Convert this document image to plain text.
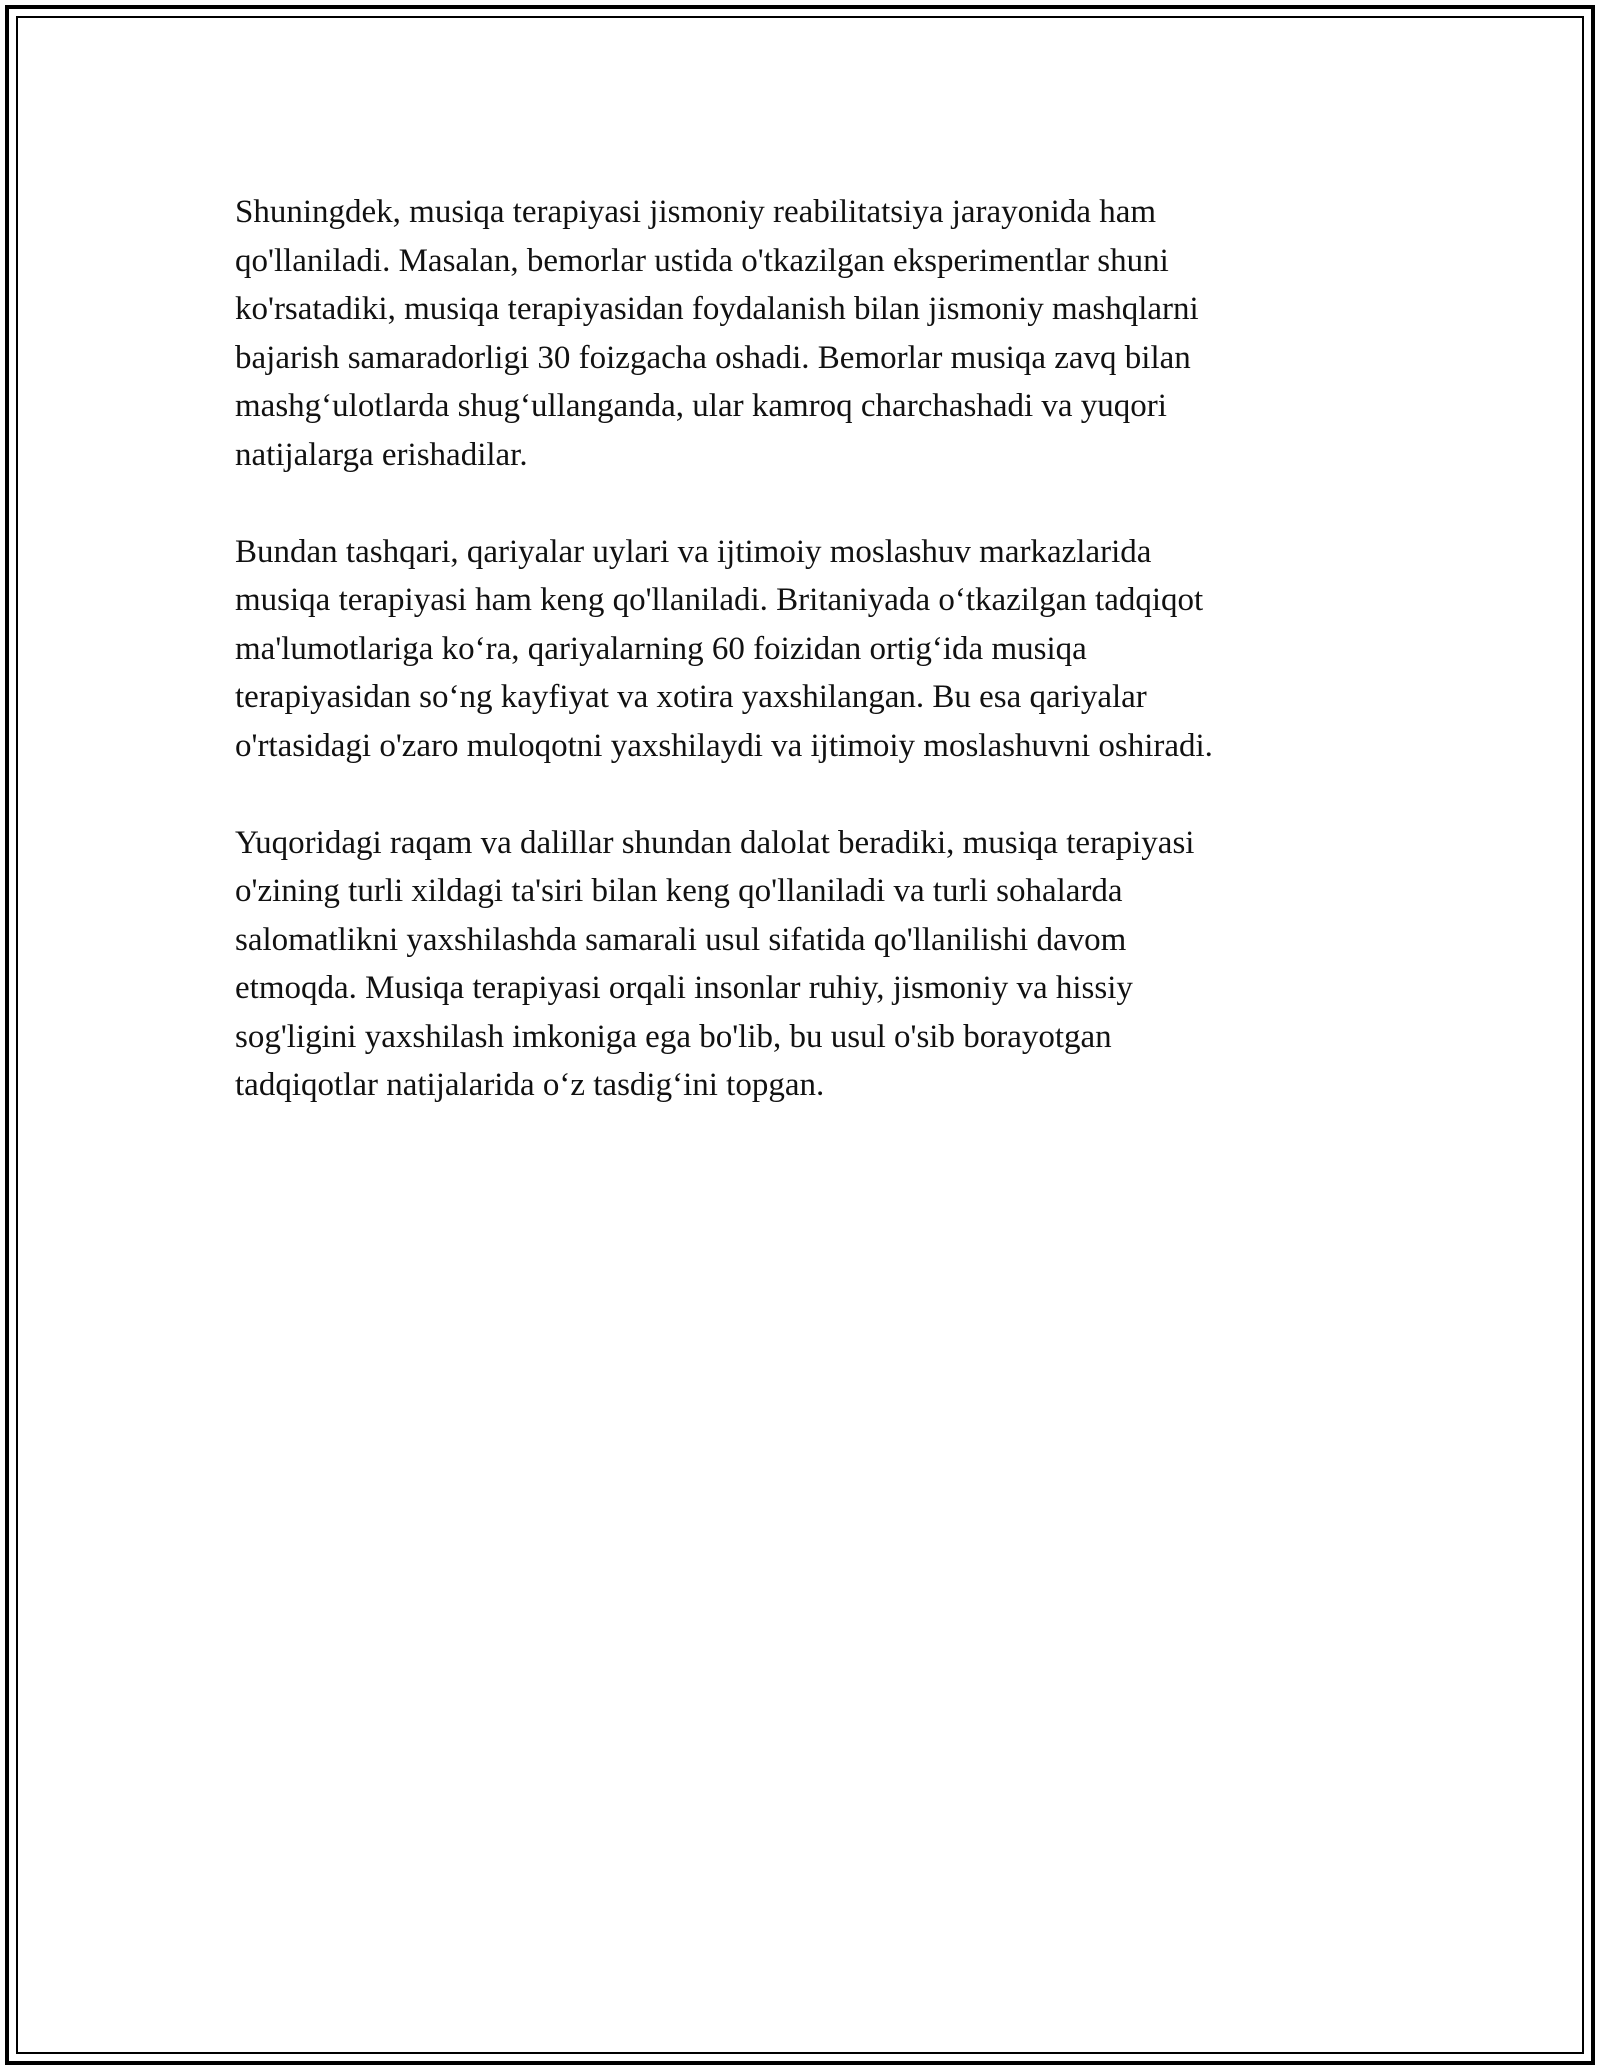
Shuningdek, musiqa terapiyasi jismoniy reabilitatsiya jarayonida ham
qo'llaniladi. Masalan, bemorlar ustida o'tkazilgan eksperimentlar shuni
ko'rsatadiki, musiqa terapiyasidan foydalanish bilan jismoniy mashqlarni
bajarish samaradorligi 30 foizgacha oshadi. Bemorlar musiqa zavq bilan
mashg‘ulotlarda shug‘ullanganda, ular kamroq charchashadi va yuqori
natijalarga erishadilar.

Bundan tashqari, qariyalar uylari va ijtimoiy moslashuv markazlarida
musiqa terapiyasi ham keng qo'llaniladi. Britaniyada o‘tkazilgan tadqiqot
ma'lumotlariga ko‘ra, qariyalarning 60 foizidan ortig‘ida musiqa
terapiyasidan so‘ng kayfiyat va xotira yaxshilangan. Bu esa qariyalar
o'rtasidagi o'zaro muloqotni yaxshilaydi va ijtimoiy moslashuvni oshiradi.

Yuqoridagi raqam va dalillar shundan dalolat beradiki, musiqa terapiyasi
o'zining turli xildagi ta'siri bilan keng qo'llaniladi va turli sohalarda
salomatlikni yaxshilashda samarali usul sifatida qo'llanilishi davom
etmoqda. Musiqa terapiyasi orqali insonlar ruhiy, jismoniy va hissiy
sog'ligini yaxshilash imkoniga ega bo'lib, bu usul o'sib borayotgan
tadqiqotlar natijalarida o‘z tasdig‘ini topgan.
